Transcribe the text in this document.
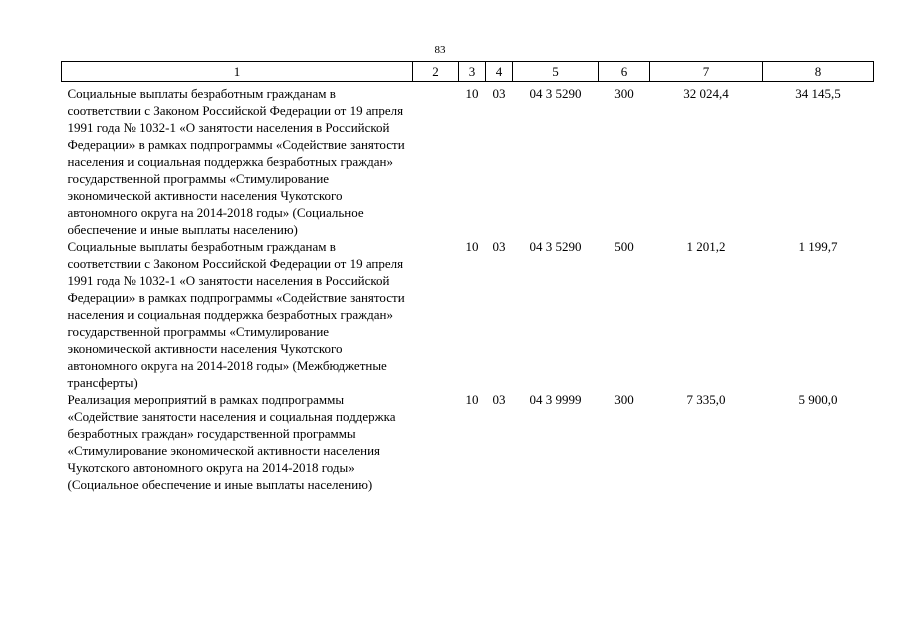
83
1	2	3	4	5	6	7	8
Социальные выплаты безработным гражданам в соответствии с Законом Российской Федерации от 19 апреля 1991 года № 1032-1 «О занятости населения в Российской Федерации» в рамках подпрограммы «Содействие занятости населения и социальная поддержка безработных граждан» государственной программы «Стимулирование экономической активности населения Чукотского автономного округа на 2014-2018 годы» (Социальное обеспечение и иные выплаты населению)		10	03	04 3 5290	300	32 024,4	34 145,5
Социальные выплаты безработным гражданам в соответствии с Законом Российской Федерации от 19 апреля 1991 года № 1032-1 «О занятости населения в Российской Федерации» в рамках подпрограммы «Содействие занятости населения и социальная поддержка безработных граждан» государственной программы «Стимулирование экономической активности населения Чукотского автономного округа на 2014-2018 годы» (Межбюджетные трансферты)		10	03	04 3 5290	500	1 201,2	1 199,7
Реализация мероприятий в рамках подпрограммы «Содействие занятости населения и социальная поддержка безработных граждан» государственной программы «Стимулирование экономической активности населения Чукотского автономного округа на 2014-2018 годы» (Социальное обеспечение и иные выплаты населению)		10	03	04 3 9999	300	7 335,0	5 900,0
